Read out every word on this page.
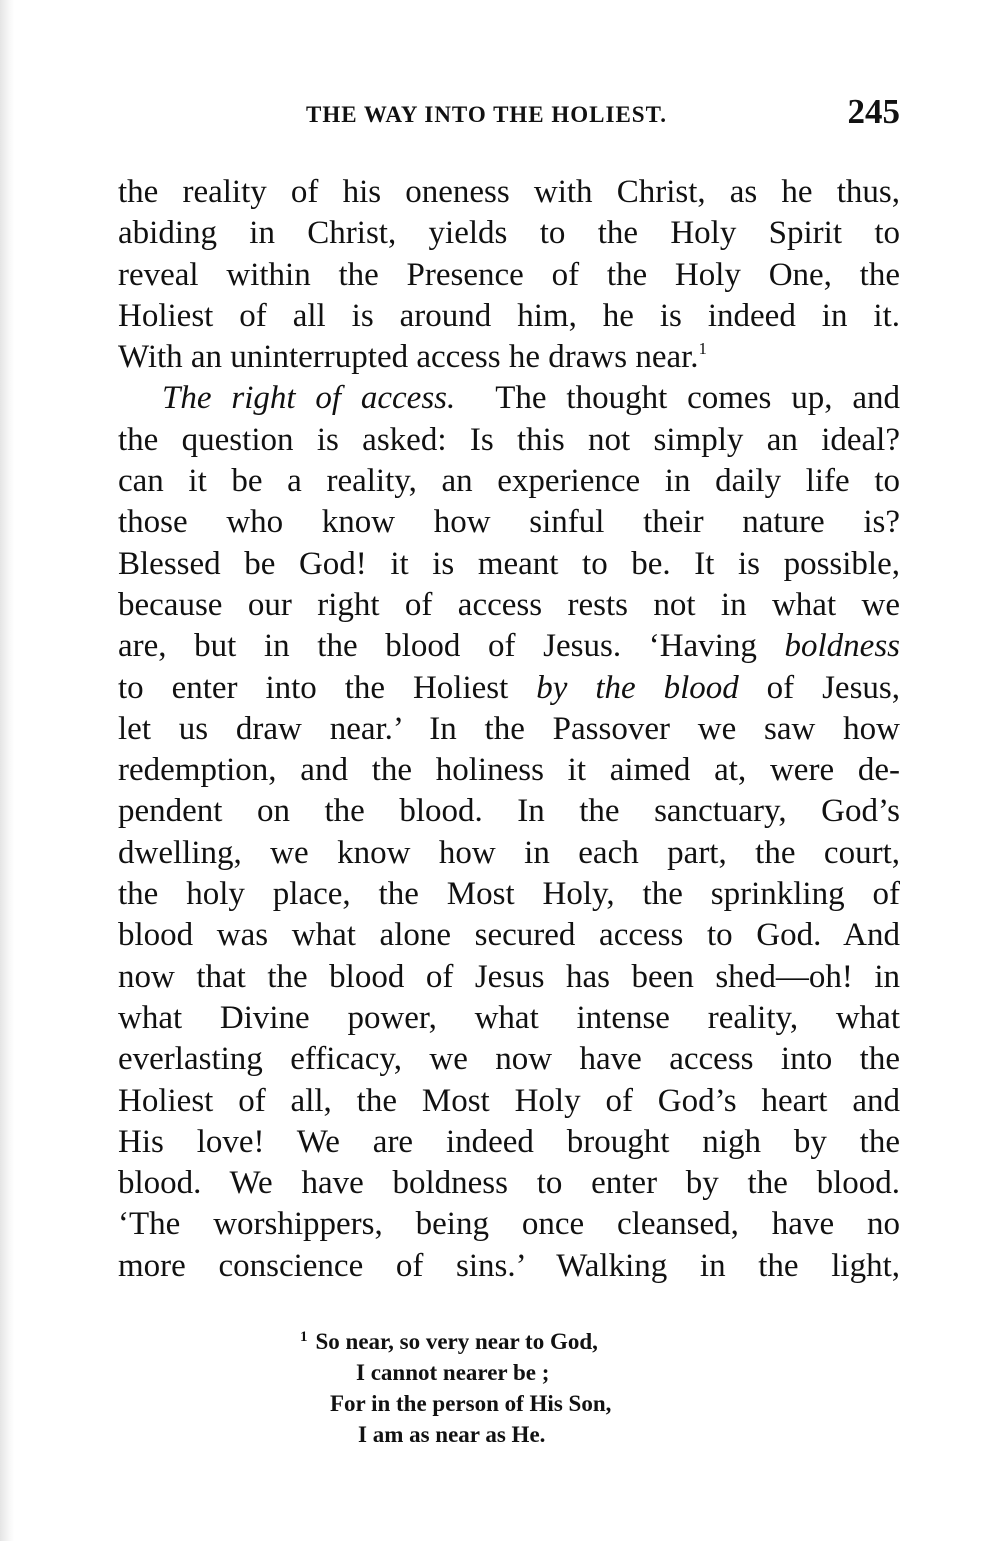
THE WAY INTO THE HOLIEST.	245
the reality of his oneness with Christ, as he thus,
abiding in Christ, yields to the Holy Spirit to
reveal within the Presence of the Holy One, the
Holiest of all is around him, he is indeed in it.
With an uninterrupted access he draws near.$^1$
The right of access. The thought comes up, and
the question is asked: Is this not simply an ideal?
can it be a reality, an experience in daily life to
those who know how sinful their nature is?
Blessed be God! it is meant to be. It is possible,
because our right of access rests not in what we
are, but in the blood of Jesus. ‘Having boldness
to enter into the Holiest by the blood of Jesus,
let us draw near.’ In the Passover we saw how
redemption, and the holiness it aimed at, were de-
pendent on the blood. In the sanctuary, God’s
dwelling, we know how in each part, the court,
the holy place, the Most Holy, the sprinkling of
blood was what alone secured access to God. And
now that the blood of Jesus has been shed—oh! in
what Divine power, what intense reality, what
everlasting efficacy, we now have access into the
Holiest of all, the Most Holy of God’s heart and
His love! We are indeed brought nigh by the
blood. We have boldness to enter by the blood.
‘The worshippers, being once cleansed, have no
more conscience of sins.’ Walking in the light,
$^1$ So near, so very near to God,
I cannot nearer be ;
For in the person of His Son,
I am as near as He.
